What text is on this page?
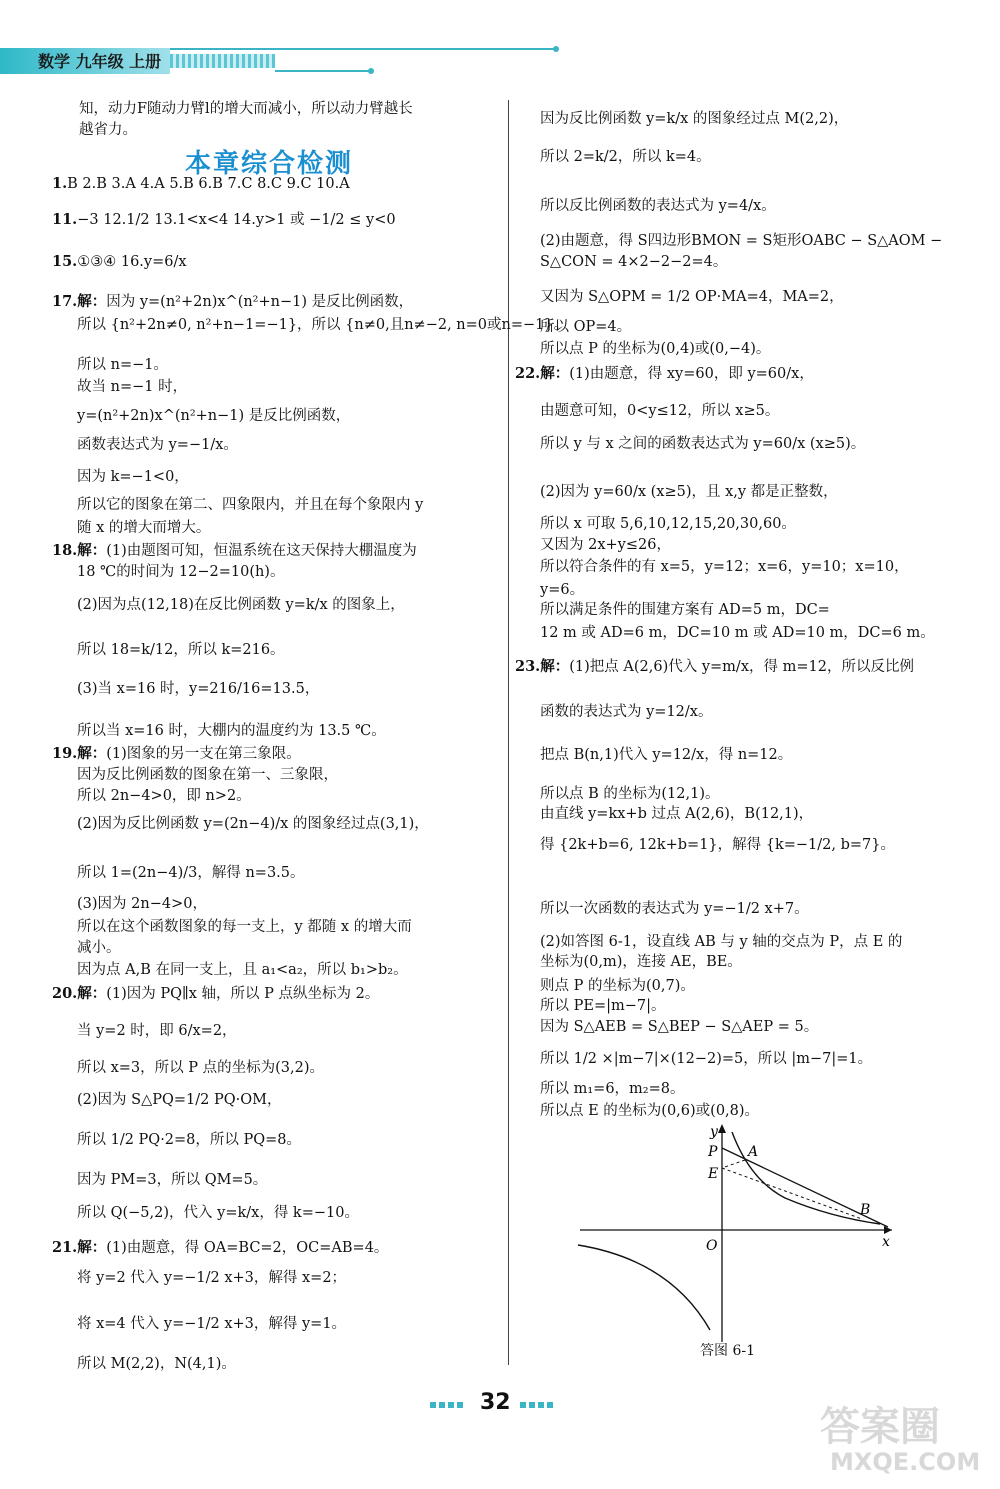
数学 九年级 上册
本章综合检测

知，动力F随动力臂l的增大而减小，所以动力臂越长

越省力。

1.B 2.B 3.A 4.A 5.B 6.B 7.C 8.C 9.C 10.A

11.−3 12.1/2 13.1<x<4 14.y>1 或 −1/2 ≤ y<0

15.①③④ 16.y=6/x

17.解：因为 y=(n²+2n)x^(n²+n−1) 是反比例函数，

所以 {n²+2n≠0, n²+n−1=−1}，所以 {n≠0,且n≠−2, n=0或n=−1}。

所以 n=−1。

故当 n=−1 时，

y=(n²+2n)x^(n²+n−1) 是反比例函数，

函数表达式为 y=−1/x。

因为 k=−1<0，

所以它的图象在第二、四象限内，并且在每个象限内 y

随 x 的增大而增大。

18.解：(1)由题图可知，恒温系统在这天保持大棚温度为

18 ℃的时间为 12−2=10(h)。

(2)因为点(12,18)在反比例函数 y=k/x 的图象上，

所以 18=k/12，所以 k=216。

(3)当 x=16 时，y=216/16=13.5，

所以当 x=16 时，大棚内的温度约为 13.5 ℃。

19.解：(1)图象的另一支在第三象限。

因为反比例函数的图象在第一、三象限，

所以 2n−4>0，即 n>2。

(2)因为反比例函数 y=(2n−4)/x 的图象经过点(3,1)，

所以 1=(2n−4)/3，解得 n=3.5。

(3)因为 2n−4>0，

所以在这个函数图象的每一支上，y 都随 x 的增大而

减小。

因为点 A,B 在同一支上，且 a₁<a₂，所以 b₁>b₂。

20.解：(1)因为 PQ∥x 轴，所以 P 点纵坐标为 2。

当 y=2 时，即 6/x=2，

所以 x=3，所以 P 点的坐标为(3,2)。

(2)因为 S△PQ=1/2 PQ·OM，

所以 1/2 PQ·2=8，所以 PQ=8。

因为 PM=3，所以 QM=5。

所以 Q(−5,2)，代入 y=k/x，得 k=−10。

21.解：(1)由题意，得 OA=BC=2，OC=AB=4。

将 y=2 代入 y=−1/2 x+3，解得 x=2；

将 x=4 代入 y=−1/2 x+3，解得 y=1。

所以 M(2,2)，N(4,1)。

因为反比例函数 y=k/x 的图象经过点 M(2,2)，

所以 2=k/2，所以 k=4。

所以反比例函数的表达式为 y=4/x。

(2)由题意，得 S四边形BMON = S矩形OABC − S△AOM −

S△CON = 4×2−2−2=4。

又因为 S△OPM = 1/2 OP·MA=4，MA=2，

所以 OP=4。

所以点 P 的坐标为(0,4)或(0,−4)。

22.解：(1)由题意，得 xy=60，即 y=60/x，

由题意可知，0<y≤12，所以 x≥5。

所以 y 与 x 之间的函数表达式为 y=60/x (x≥5)。

(2)因为 y=60/x (x≥5)，且 x,y 都是正整数，

所以 x 可取 5,6,10,12,15,20,30,60。

又因为 2x+y≤26，

所以符合条件的有 x=5，y=12；x=6，y=10；x=10，

y=6。

所以满足条件的围建方案有 AD=5 m，DC=

12 m 或 AD=6 m，DC=10 m 或 AD=10 m，DC=6 m。

23.解：(1)把点 A(2,6)代入 y=m/x，得 m=12，所以反比例

函数的表达式为 y=12/x。

把点 B(n,1)代入 y=12/x，得 n=12。

所以点 B 的坐标为(12,1)。

由直线 y=kx+b 过点 A(2,6)，B(12,1)，

得 {2k+b=6, 12k+b=1}，解得 {k=−1/2, b=7}。

所以一次函数的表达式为 y=−1/2 x+7。

(2)如答图 6-1，设直线 AB 与 y 轴的交点为 P，点 E 的

坐标为(0,m)，连接 AE，BE。

则点 P 的坐标为(0,7)。

所以 PE=|m−7|。

因为 S△AEB = S△BEP − S△AEP = 5。

所以 1/2 ×|m−7|×(12−2)=5，所以 |m−7|=1。

所以 m₁=6，m₂=8。

所以点 E 的坐标为(0,6)或(0,8)。

y
P
E
A
B
O	x
答图 6-1
32
答案圈
MXQE.COM
